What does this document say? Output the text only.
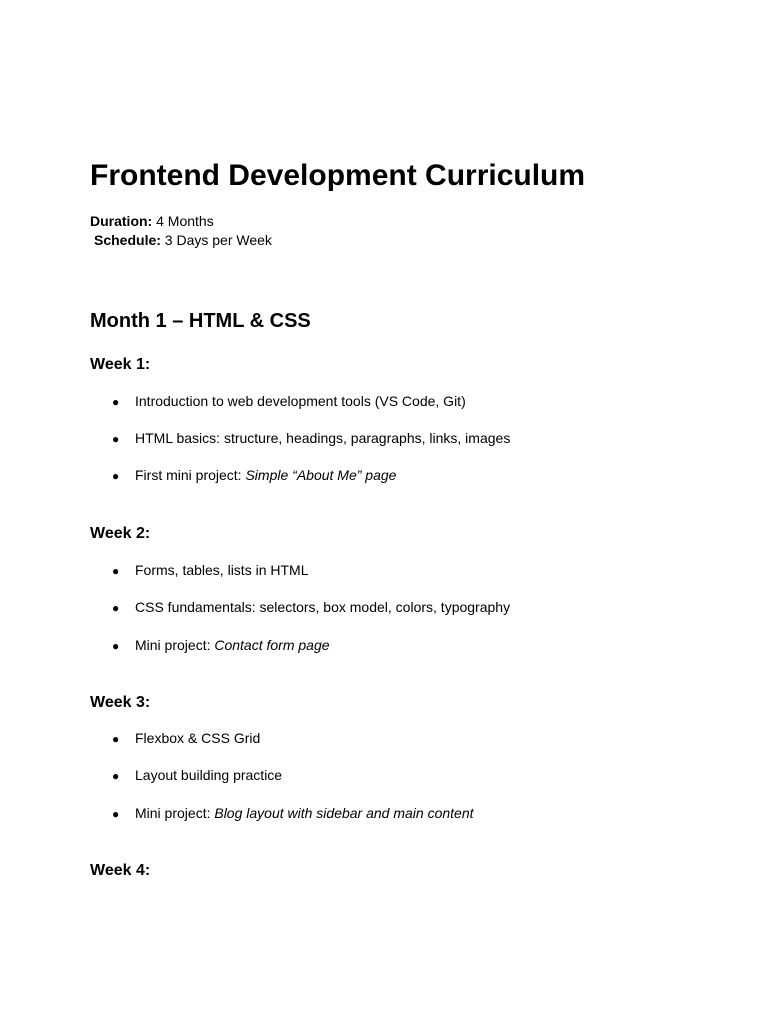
Frontend Development Curriculum
Duration: 4 Months
Schedule: 3 Days per Week
Month 1 – HTML & CSS
Week 1:
● Introduction to web development tools (VS Code, Git)
● HTML basics: structure, headings, paragraphs, links, images
● First mini project: Simple “About Me” page
Week 2:
● Forms, tables, lists in HTML
● CSS fundamentals: selectors, box model, colors, typography
● Mini project: Contact form page
Week 3:
● Flexbox & CSS Grid
● Layout building practice
● Mini project: Blog layout with sidebar and main content
Week 4:
